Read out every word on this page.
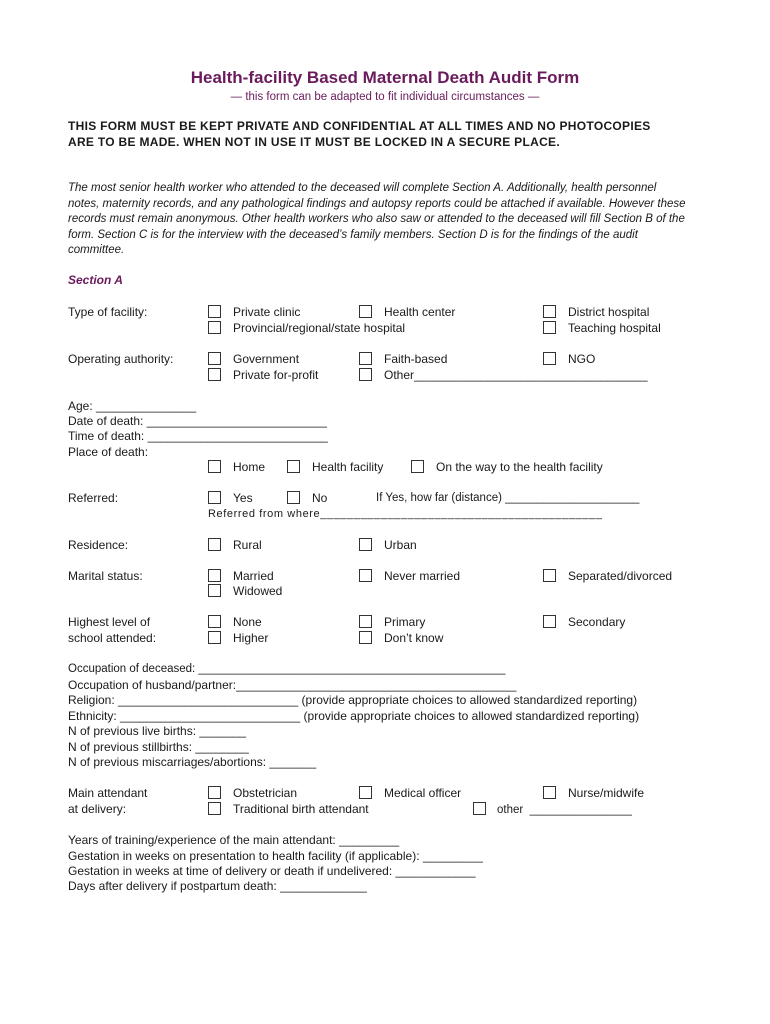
Health-facility Based Maternal Death Audit Form
— this form can be adapted to fit individual circumstances —
THIS FORM MUST BE KEPT PRIVATE AND CONFIDENTIAL AT ALL TIMES AND NO PHOTOCOPIES ARE TO BE MADE. WHEN NOT IN USE IT MUST BE LOCKED IN A SECURE PLACE.
The most senior health worker who attended to the deceased will complete Section A. Additionally, health personnel notes, maternity records, and any pathological findings and autopsy reports could be attached if available. However these records must remain anonymous. Other health workers who also saw or attended to the deceased will fill Section B of the form. Section C is for the interview with the deceased’s family members. Section D is for the findings of the audit committee.
Section A
Type of facility:	Private clinic	Health center	District hospital
Provincial/regional/state hospital	Teaching hospital
Operating authority:	Government	Faith-based	NGO
Private for-profit	Other___________________________________
Age: _______________
Date of death: ___________________________
Time of death: ___________________________
Place of death:
Home	Health facility	On the way to the health facility
Referred:	Yes	No	If Yes, how far (distance) _____________________
Referred from where__________________________________________
Residence:	Rural	Urban
Marital status:	Married	Never married	Separated/divorced
Widowed
Highest level of
school attended:
None	Primary	Secondary
Higher	Don’t know
Occupation of deceased: ________________________________________________
Occupation of husband/partner:__________________________________________
Religion: ___________________________ (provide appropriate choices to allowed standardized reporting)
Ethnicity: ___________________________ (provide appropriate choices to allowed standardized reporting)
N of previous live births: _______
N of previous stillbirths: ________
N of previous miscarriages/abortions: _______
Main attendant
at delivery:
Obstetrician	Medical officer	Nurse/midwife
Traditional birth attendant	other ________________
Years of training/experience of the main attendant: _________
Gestation in weeks on presentation to health facility (if applicable): _________
Gestation in weeks at time of delivery or death if undelivered: ____________
Days after delivery if postpartum death: _____________
